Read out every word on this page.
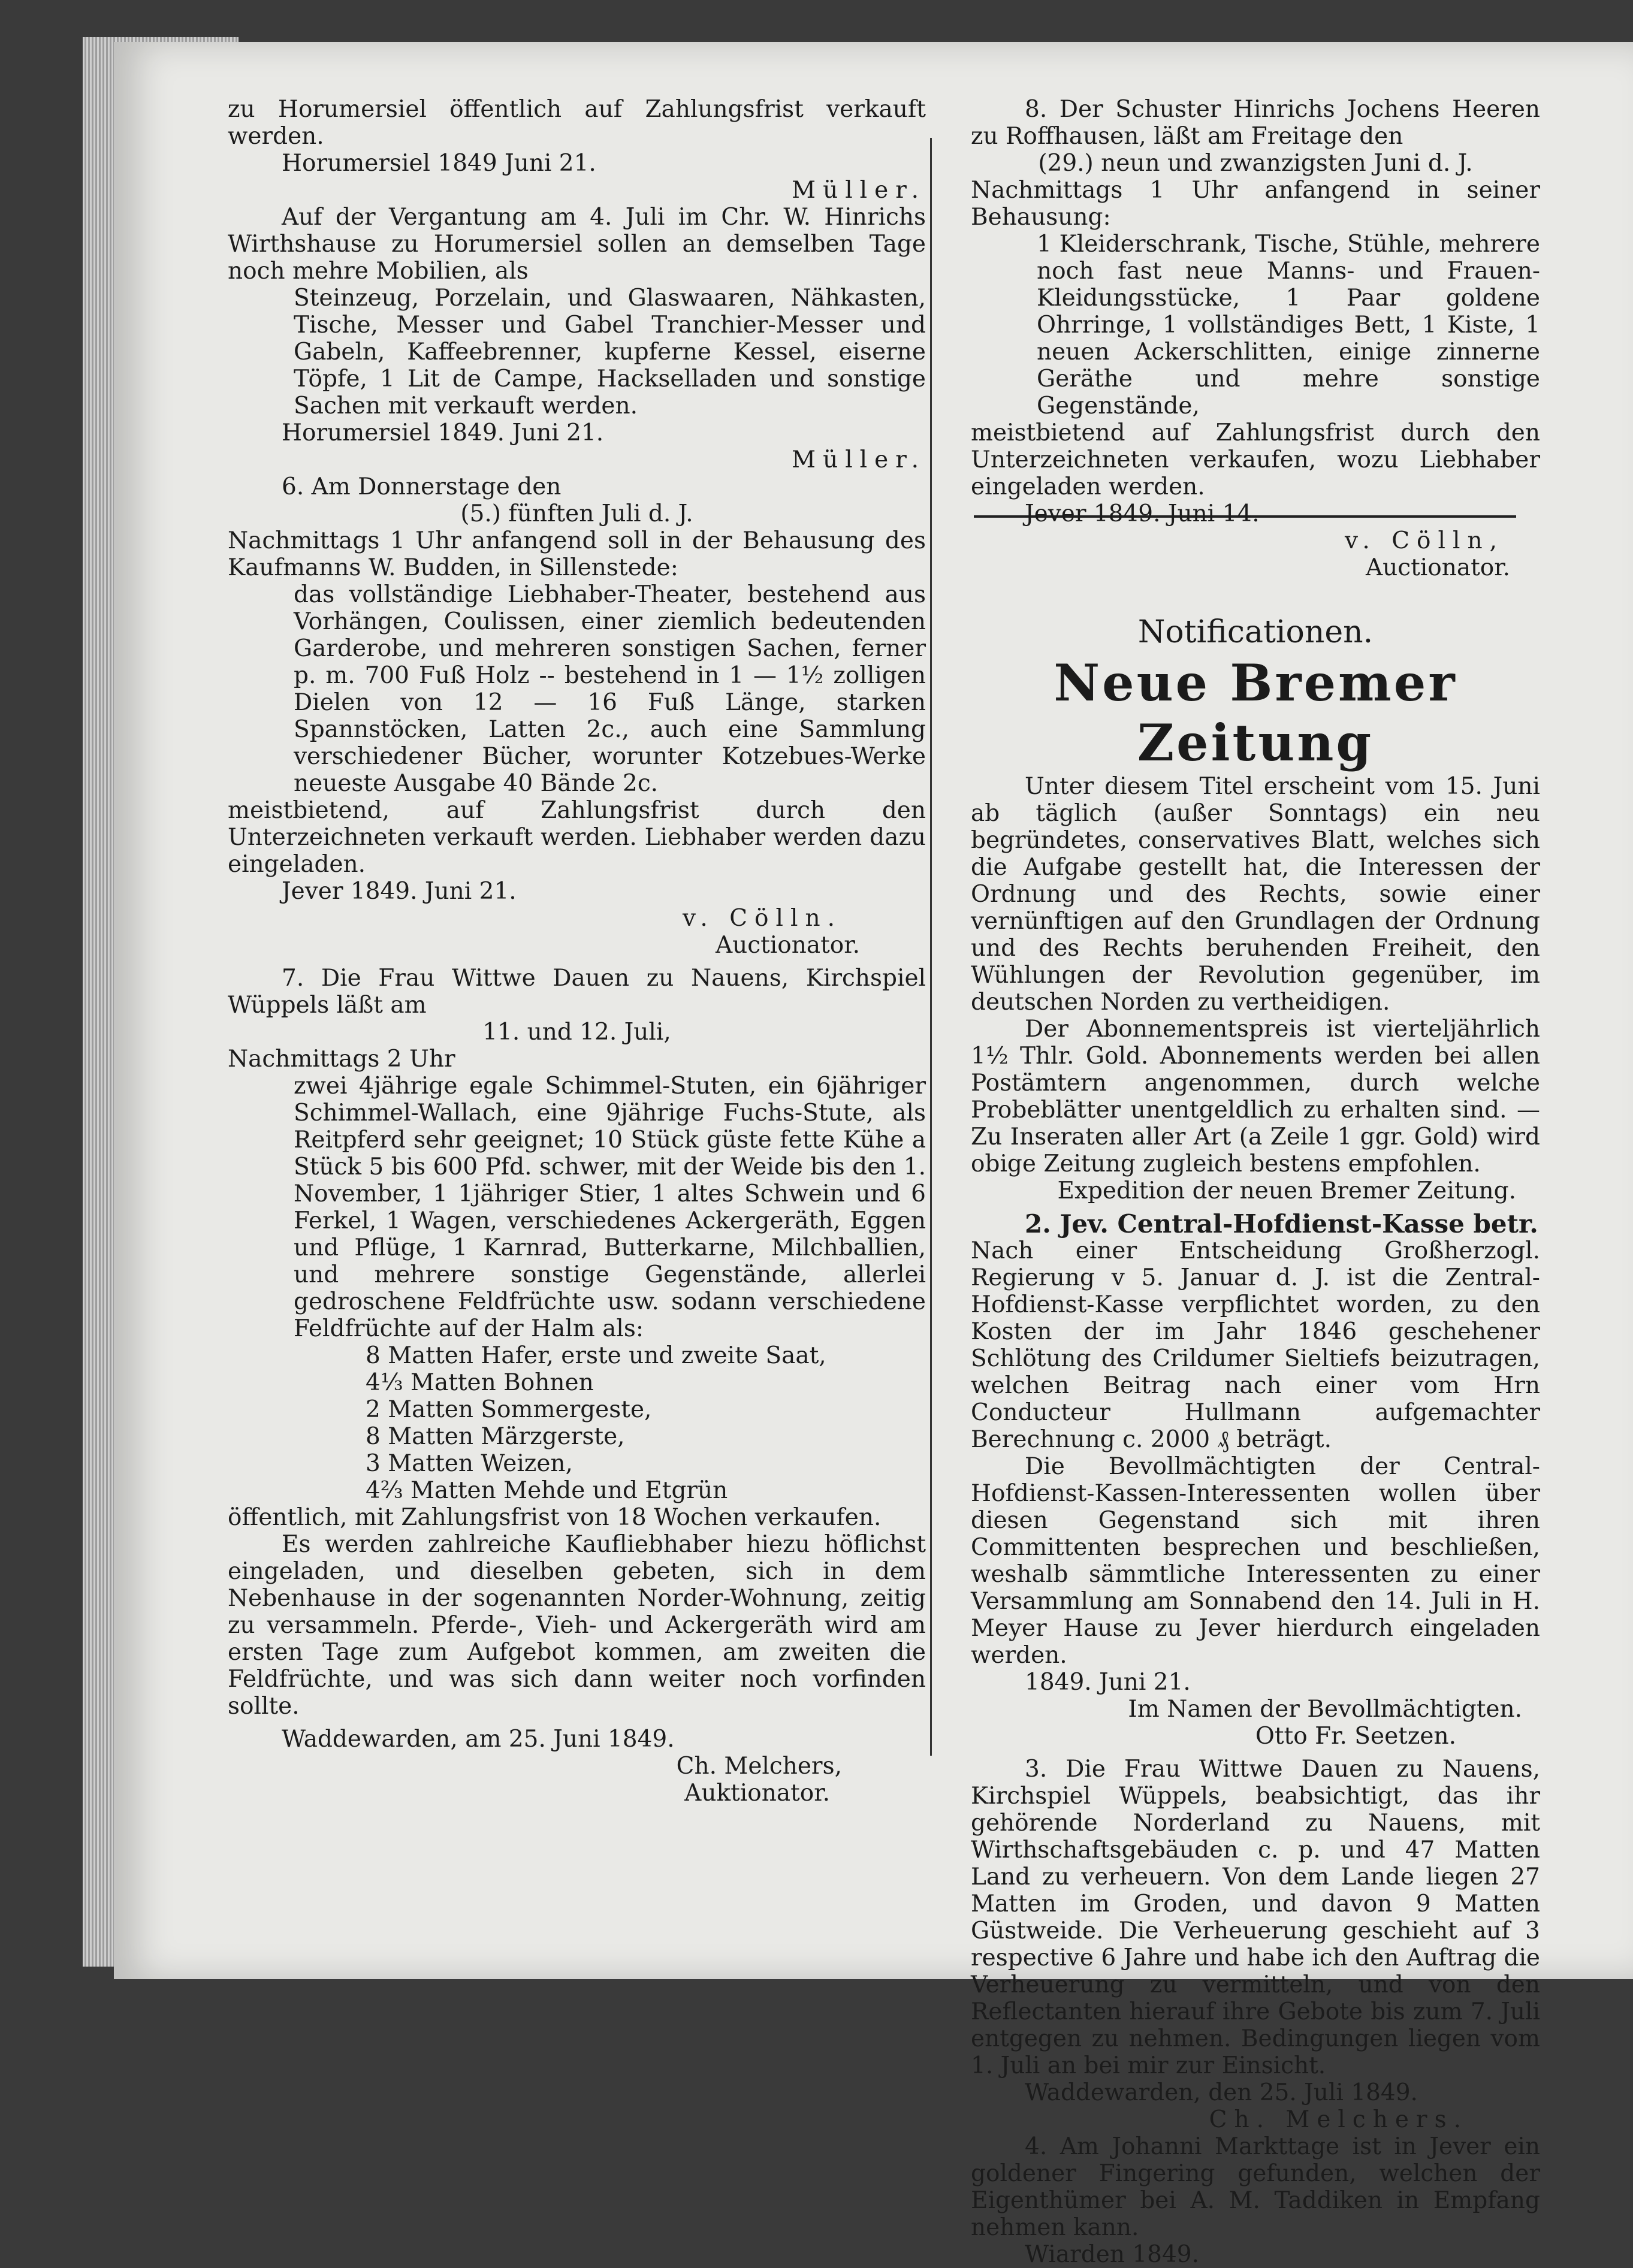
zu Horumersiel öffentlich auf Zahlungsfrist verkauft werden.

Horumersiel 1849 Juni 21.

Müller.

Auf der Vergantung am 4. Juli im Chr. W. Hinrichs Wirthshause zu Horumersiel sollen an demselben Tage noch mehre Mobilien, als

Steinzeug, Porzelain, und Glaswaaren, Nähkasten, Tische, Messer und Gabel Tranchier-Messer und Gabeln, Kaffeebrenner, kupferne Kessel, eiserne Töpfe, 1 Lit de Campe, Hackselladen und sonstige Sachen mit verkauft werden.

Horumersiel 1849. Juni 21.

Müller.

6. Am Donnerstage den

(5.) fünften Juli d. J.

Nachmittags 1 Uhr anfangend soll in der Behausung des Kaufmanns W. Budden, in Sillenstede:

das vollständige Liebhaber-Theater, bestehend aus Vorhängen, Coulissen, einer ziemlich bedeutenden Garderobe, und mehreren sonstigen Sachen, ferner p. m. 700 Fuß Holz -- bestehend in 1 — 1½ zolligen Dielen von 12 — 16 Fuß Länge, starken Spannstöcken, Latten 2c., auch eine Sammlung verschiedener Bücher, worunter Kotzebues-Werke neueste Ausgabe 40 Bände 2c.

meistbietend, auf Zahlungsfrist durch den Unterzeichneten verkauft werden. Liebhaber werden dazu eingeladen.

Jever 1849. Juni 21.

v. Cölln.

Auctionator.

7. Die Frau Wittwe Dauen zu Nauens, Kirchspiel Wüppels läßt am

11. und 12. Juli,

Nachmittags 2 Uhr

zwei 4jährige egale Schimmel-Stuten, ein 6jähriger Schimmel-Wallach, eine 9jährige Fuchs-Stute, als Reitpferd sehr geeignet; 10 Stück güste fette Kühe a Stück 5 bis 600 Pfd. schwer, mit der Weide bis den 1. November, 1 1jähriger Stier, 1 altes Schwein und 6 Ferkel, 1 Wagen, verschiedenes Ackergeräth, Eggen und Pflüge, 1 Karnrad, Butterkarne, Milchballien, und mehrere sonstige Gegenstände, allerlei gedroschene Feldfrüchte usw. sodann verschiedene Feldfrüchte auf der Halm als:

8 Matten Hafer, erste und zweite Saat,

4⅓ Matten Bohnen

2 Matten Sommergeste,

8 Matten Märzgerste,

3 Matten Weizen,

4⅔ Matten Mehde und Etgrün

öffentlich, mit Zahlungsfrist von 18 Wochen verkaufen.

Es werden zahlreiche Kaufliebhaber hiezu höflichst eingeladen, und dieselben gebeten, sich in dem Nebenhause in der sogenannten Norder-Wohnung, zeitig zu versammeln. Pferde-, Vieh- und Ackergeräth wird am ersten Tage zum Aufgebot kommen, am zweiten die Feldfrüchte, und was sich dann weiter noch vorfinden sollte.

Waddewarden, am 25. Juni 1849.

Ch. Melchers,

Auktionator.

8. Der Schuster Hinrichs Jochens Heeren zu Roffhausen, läßt am Freitage den

(29.) neun und zwanzigsten Juni d. J.

Nachmittags 1 Uhr anfangend in seiner Behausung:

1 Kleiderschrank, Tische, Stühle, mehrere noch fast neue Manns- und Frauen-Kleidungsstücke, 1 Paar goldene Ohrringe, 1 vollständiges Bett, 1 Kiste, 1 neuen Ackerschlitten, einige zinnerne Geräthe und mehre sonstige Gegenstände,

meistbietend auf Zahlungsfrist durch den Unterzeichneten verkaufen, wozu Liebhaber eingeladen werden.

Jever 1849. Juni 14.

v. Cölln,

Auctionator.

Notificationen.

Neue Bremer Zeitung

Unter diesem Titel erscheint vom 15. Juni ab täglich (außer Sonntags) ein neu begründetes, conservatives Blatt, welches sich die Aufgabe gestellt hat, die Interessen der Ordnung und des Rechts, sowie einer vernünftigen auf den Grundlagen der Ordnung und des Rechts beruhenden Freiheit, den Wühlungen der Revolution gegenüber, im deutschen Norden zu vertheidigen.

Der Abonnementspreis ist vierteljährlich 1½ Thlr. Gold. Abonnements werden bei allen Postämtern angenommen, durch welche Probeblätter unentgeldlich zu erhalten sind. — Zu Inseraten aller Art (a Zeile 1 ggr. Gold) wird obige Zeitung zugleich bestens empfohlen.

Expedition der neuen Bremer Zeitung.

2. Jev. Central-Hofdienst-Kasse betr.

Nach einer Entscheidung Großherzogl. Regierung v 5. Januar d. J. ist die Zentral-Hofdienst-Kasse verpflichtet worden, zu den Kosten der im Jahr 1846 geschehener Schlötung des Crildumer Sieltiefs beizutragen, welchen Beitrag nach einer vom Hrn Conducteur Hullmann aufgemachter Berechnung c. 2000 ₰ beträgt.

Die Bevollmächtigten der Central-Hofdienst-Kassen-Interessenten wollen über diesen Gegenstand sich mit ihren Committenten besprechen und beschließen, weshalb sämmtliche Interessenten zu einer Versammlung am Sonnabend den 14. Juli in H. Meyer Hause zu Jever hierdurch eingeladen werden.

1849. Juni 21.

Im Namen der Bevollmächtigten.

Otto Fr. Seetzen.

3. Die Frau Wittwe Dauen zu Nauens, Kirchspiel Wüppels, beabsichtigt, das ihr gehörende Norderland zu Nauens, mit Wirthschaftsgebäuden c. p. und 47 Matten Land zu verheuern. Von dem Lande liegen 27 Matten im Groden, und davon 9 Matten Güstweide. Die Verheuerung geschieht auf 3 respective 6 Jahre und habe ich den Auftrag die Verheuerung zu vermitteln, und von den Reflectanten hierauf ihre Gebote bis zum 7. Juli entgegen zu nehmen. Bedingungen liegen vom 1. Juli an bei mir zur Einsicht.

Waddewarden, den 25. Juli 1849.

Ch. Melchers.

4. Am Johanni Markttage ist in Jever ein goldener Fingering gefunden, welchen der Eigenthümer bei A. M. Taddiken in Empfang nehmen kann.

Wiarden 1849.
